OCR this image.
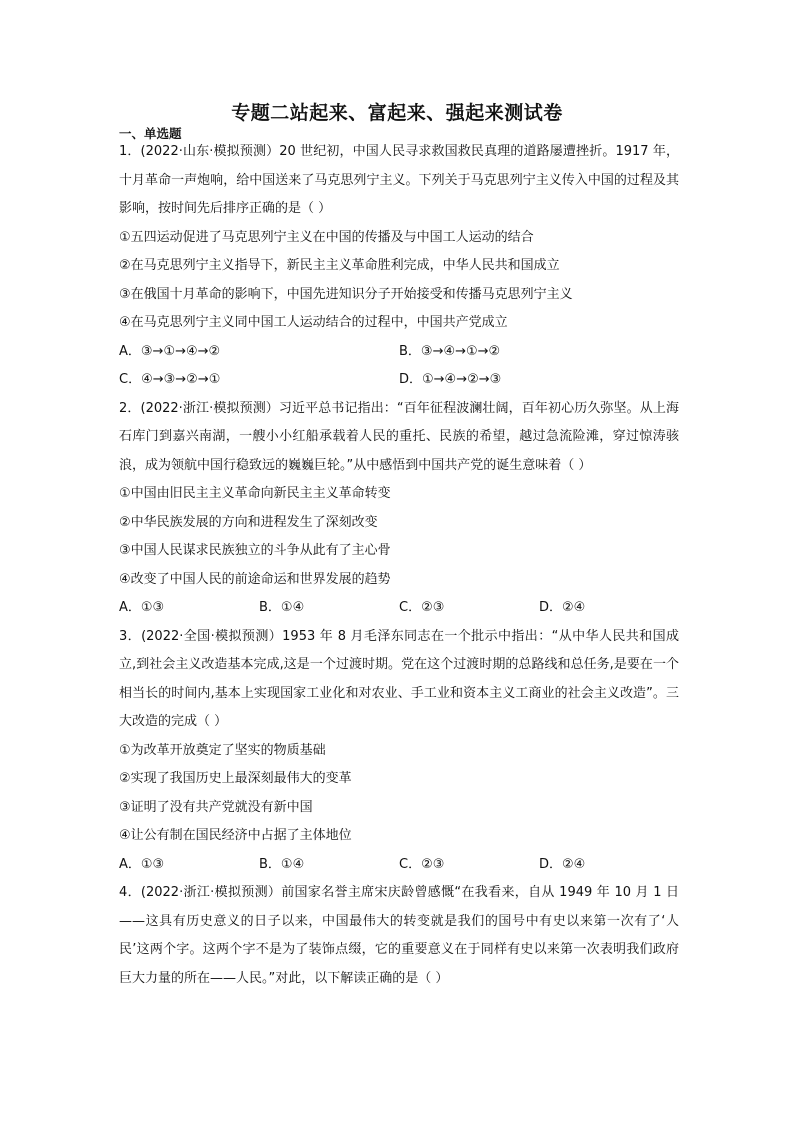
专题二站起来、富起来、强起来测试卷
一、单选题
1．(2022·山东·模拟预测）20 世纪初，中国人民寻求救国救民真理的道路屡遭挫折。1917 年，十月革命一声炮响，给中国送来了马克思列宁主义。下列关于马克思列宁主义传入中国的过程及其影响，按时间先后排序正确的是（ ）
①五四运动促进了马克思列宁主义在中国的传播及与中国工人运动的结合
②在马克思列宁主义指导下，新民主主义革命胜利完成，中华人民共和国成立
③在俄国十月革命的影响下，中国先进知识分子开始接受和传播马克思列宁主义
④在马克思列宁主义同中国工人运动结合的过程中，中国共产党成立
A．③→①→④→②	B．③→④→①→②
C．④→③→②→①	D．①→④→②→③
2．(2022·浙江·模拟预测）习近平总书记指出：“百年征程波澜壮阔，百年初心历久弥坚。从上海石库门到嘉兴南湖，一艘小小红船承载着人民的重托、民族的希望，越过急流险滩，穿过惊涛骇浪，成为领航中国行稳致远的巍巍巨轮。”从中感悟到中国共产党的诞生意味着（ ）
①中国由旧民主主义革命向新民主主义革命转变
②中华民族发展的方向和进程发生了深刻改变
③中国人民谋求民族独立的斗争从此有了主心骨
④改变了中国人民的前途命运和世界发展的趋势
A．①③	B．①④	C．②③	D．②④
3．(2022·全国·模拟预测）1953 年 8 月毛泽东同志在一个批示中指出：“从中华人民共和国成立,到社会主义改造基本完成,这是一个过渡时期。党在这个过渡时期的总路线和总任务,是要在一个相当长的时间内,基本上实现国家工业化和对农业、手工业和资本主义工商业的社会主义改造”。三大改造的完成（ ）
①为改革开放奠定了坚实的物质基础
②实现了我国历史上最深刻最伟大的变革
③证明了没有共产党就没有新中国
④让公有制在国民经济中占据了主体地位
A．①③	B．①④	C．②③	D．②④
4．(2022·浙江·模拟预测）前国家名誉主席宋庆龄曾感慨“在我看来，自从 1949 年 10 月 1 日——这具有历史意义的日子以来，中国最伟大的转变就是我们的国号中有史以来第一次有了‘人民’这两个字。这两个字不是为了装饰点缀，它的重要意义在于同样有史以来第一次表明我们政府巨大力量的所在——人民。”对此，以下解读正确的是（ ）
